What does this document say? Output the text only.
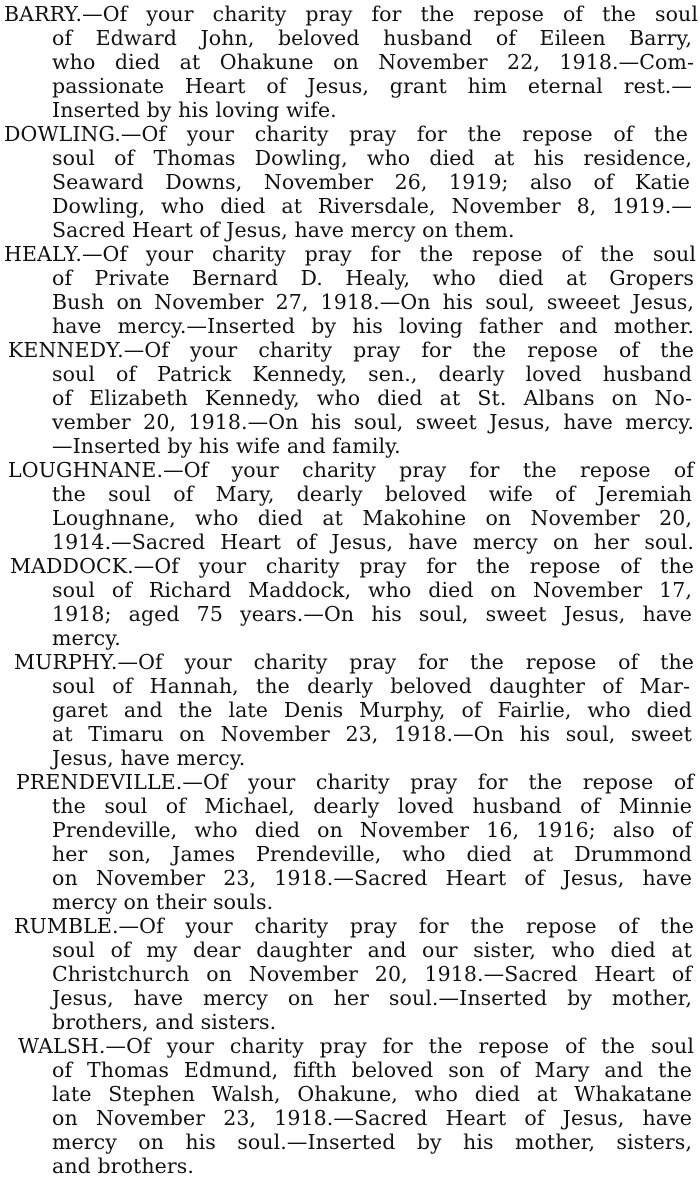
BARRY.—Of your charity pray for the repose of the soul
of Edward John, beloved husband of Eileen Barry,
who died at Ohakune on November 22, 1918.—Com-
passionate Heart of Jesus, grant him eternal rest.—
Inserted by his loving wife.
DOWLING.—Of your charity pray for the repose of the
soul of Thomas Dowling, who died at his residence,
Seaward Downs, November 26, 1919; also of Katie
Dowling, who died at Riversdale, November 8, 1919.—
Sacred Heart of Jesus, have mercy on them.
HEALY.—Of your charity pray for the repose of the soul
of Private Bernard D. Healy, who died at Gropers
Bush on November 27, 1918.—On his soul, sweeet Jesus,
have mercy.—Inserted by his loving father and mother.
KENNEDY.—Of your charity pray for the repose of the
soul of Patrick Kennedy, sen., dearly loved husband
of Elizabeth Kennedy, who died at St. Albans on No-
vember 20, 1918.—On his soul, sweet Jesus, have mercy.
—Inserted by his wife and family.
LOUGHNANE.—Of your charity pray for the repose of
the soul of Mary, dearly beloved wife of Jeremiah
Loughnane, who died at Makohine on November 20,
1914.—Sacred Heart of Jesus, have mercy on her soul.
MADDOCK.—Of your charity pray for the repose of the
soul of Richard Maddock, who died on November 17,
1918; aged 75 years.—On his soul, sweet Jesus, have
mercy.
MURPHY.—Of your charity pray for the repose of the
soul of Hannah, the dearly beloved daughter of Mar-
garet and the late Denis Murphy, of Fairlie, who died
at Timaru on November 23, 1918.—On his soul, sweet
Jesus, have mercy.
PRENDEVILLE.—Of your charity pray for the repose of
the soul of Michael, dearly loved husband of Minnie
Prendeville, who died on November 16, 1916; also of
her son, James Prendeville, who died at Drummond
on November 23, 1918.—Sacred Heart of Jesus, have
mercy on their souls.
RUMBLE.—Of your charity pray for the repose of the
soul of my dear daughter and our sister, who died at
Christchurch on November 20, 1918.—Sacred Heart of
Jesus, have mercy on her soul.—Inserted by mother,
brothers, and sisters.
WALSH.—Of your charity pray for the repose of the soul
of Thomas Edmund, fifth beloved son of Mary and the
late Stephen Walsh, Ohakune, who died at Whakatane
on November 23, 1918.—Sacred Heart of Jesus, have
mercy on his soul.—Inserted by his mother, sisters,
and brothers.
